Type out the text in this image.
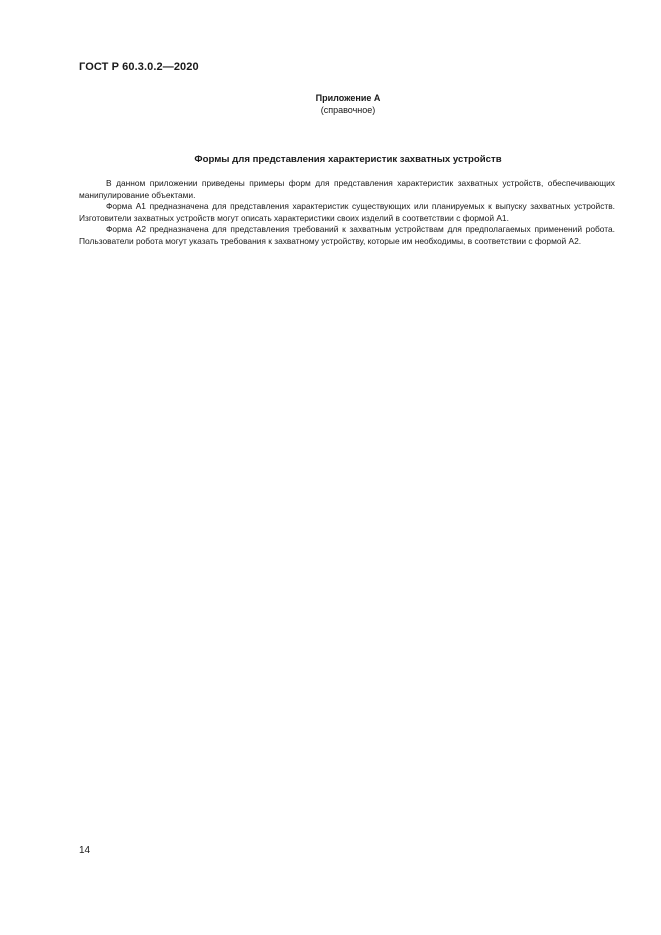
ГОСТ Р 60.3.0.2—2020
Приложение А
(справочное)
Формы для представления характеристик захватных устройств

В данном приложении приведены примеры форм для представления характеристик захватных устройств, обеспечивающих манипулирование объектами.

Форма А1 предназначена для представления характеристик существующих или планируемых к выпуску захватных устройств. Изготовители захватных устройств могут описать характеристики своих изделий в соответствии с формой А1.

Форма А2 предназначена для представления требований к захватным устройствам для предполагаемых применений робота. Пользователи робота могут указать требования к захватному устройству, которые им необходимы, в соответствии с формой А2.

14
